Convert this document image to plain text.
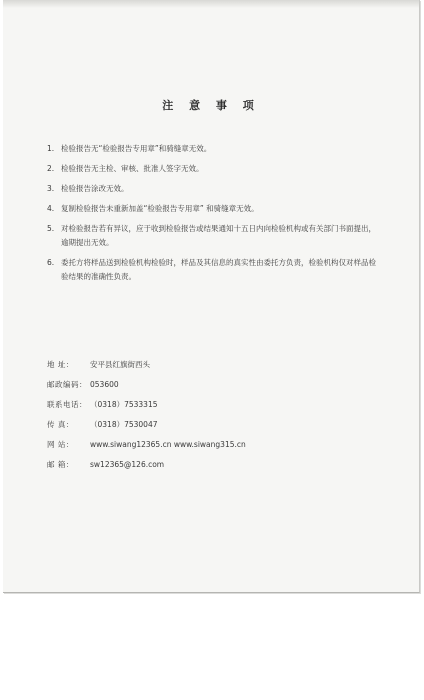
注 意 事 项
1. 检验报告无“检验报告专用章”和骑缝章无效。
2. 检验报告无主检、审核、批准人签字无效。
3. 检验报告涂改无效。
4. 复制检验报告未重新加盖“检验报告专用章” 和骑缝章无效。
5. 对检验报告若有异议，应于收到检验报告或结果通知十五日内向检验机构或有关部门书面提出，逾期提出无效。
6. 委托方将样品送到检验机构检验时，样品及其信息的真实性由委托方负责，检验机构仅对样品检验结果的准确性负责。
地 址：	安平县红旗街西头
邮政编码： 053600
联系电话： （0318）7533315
传 真：	（0318）7530047
网 站：	www.siwang12365.cn www.siwang315.cn
邮 箱：	sw12365@126.com
